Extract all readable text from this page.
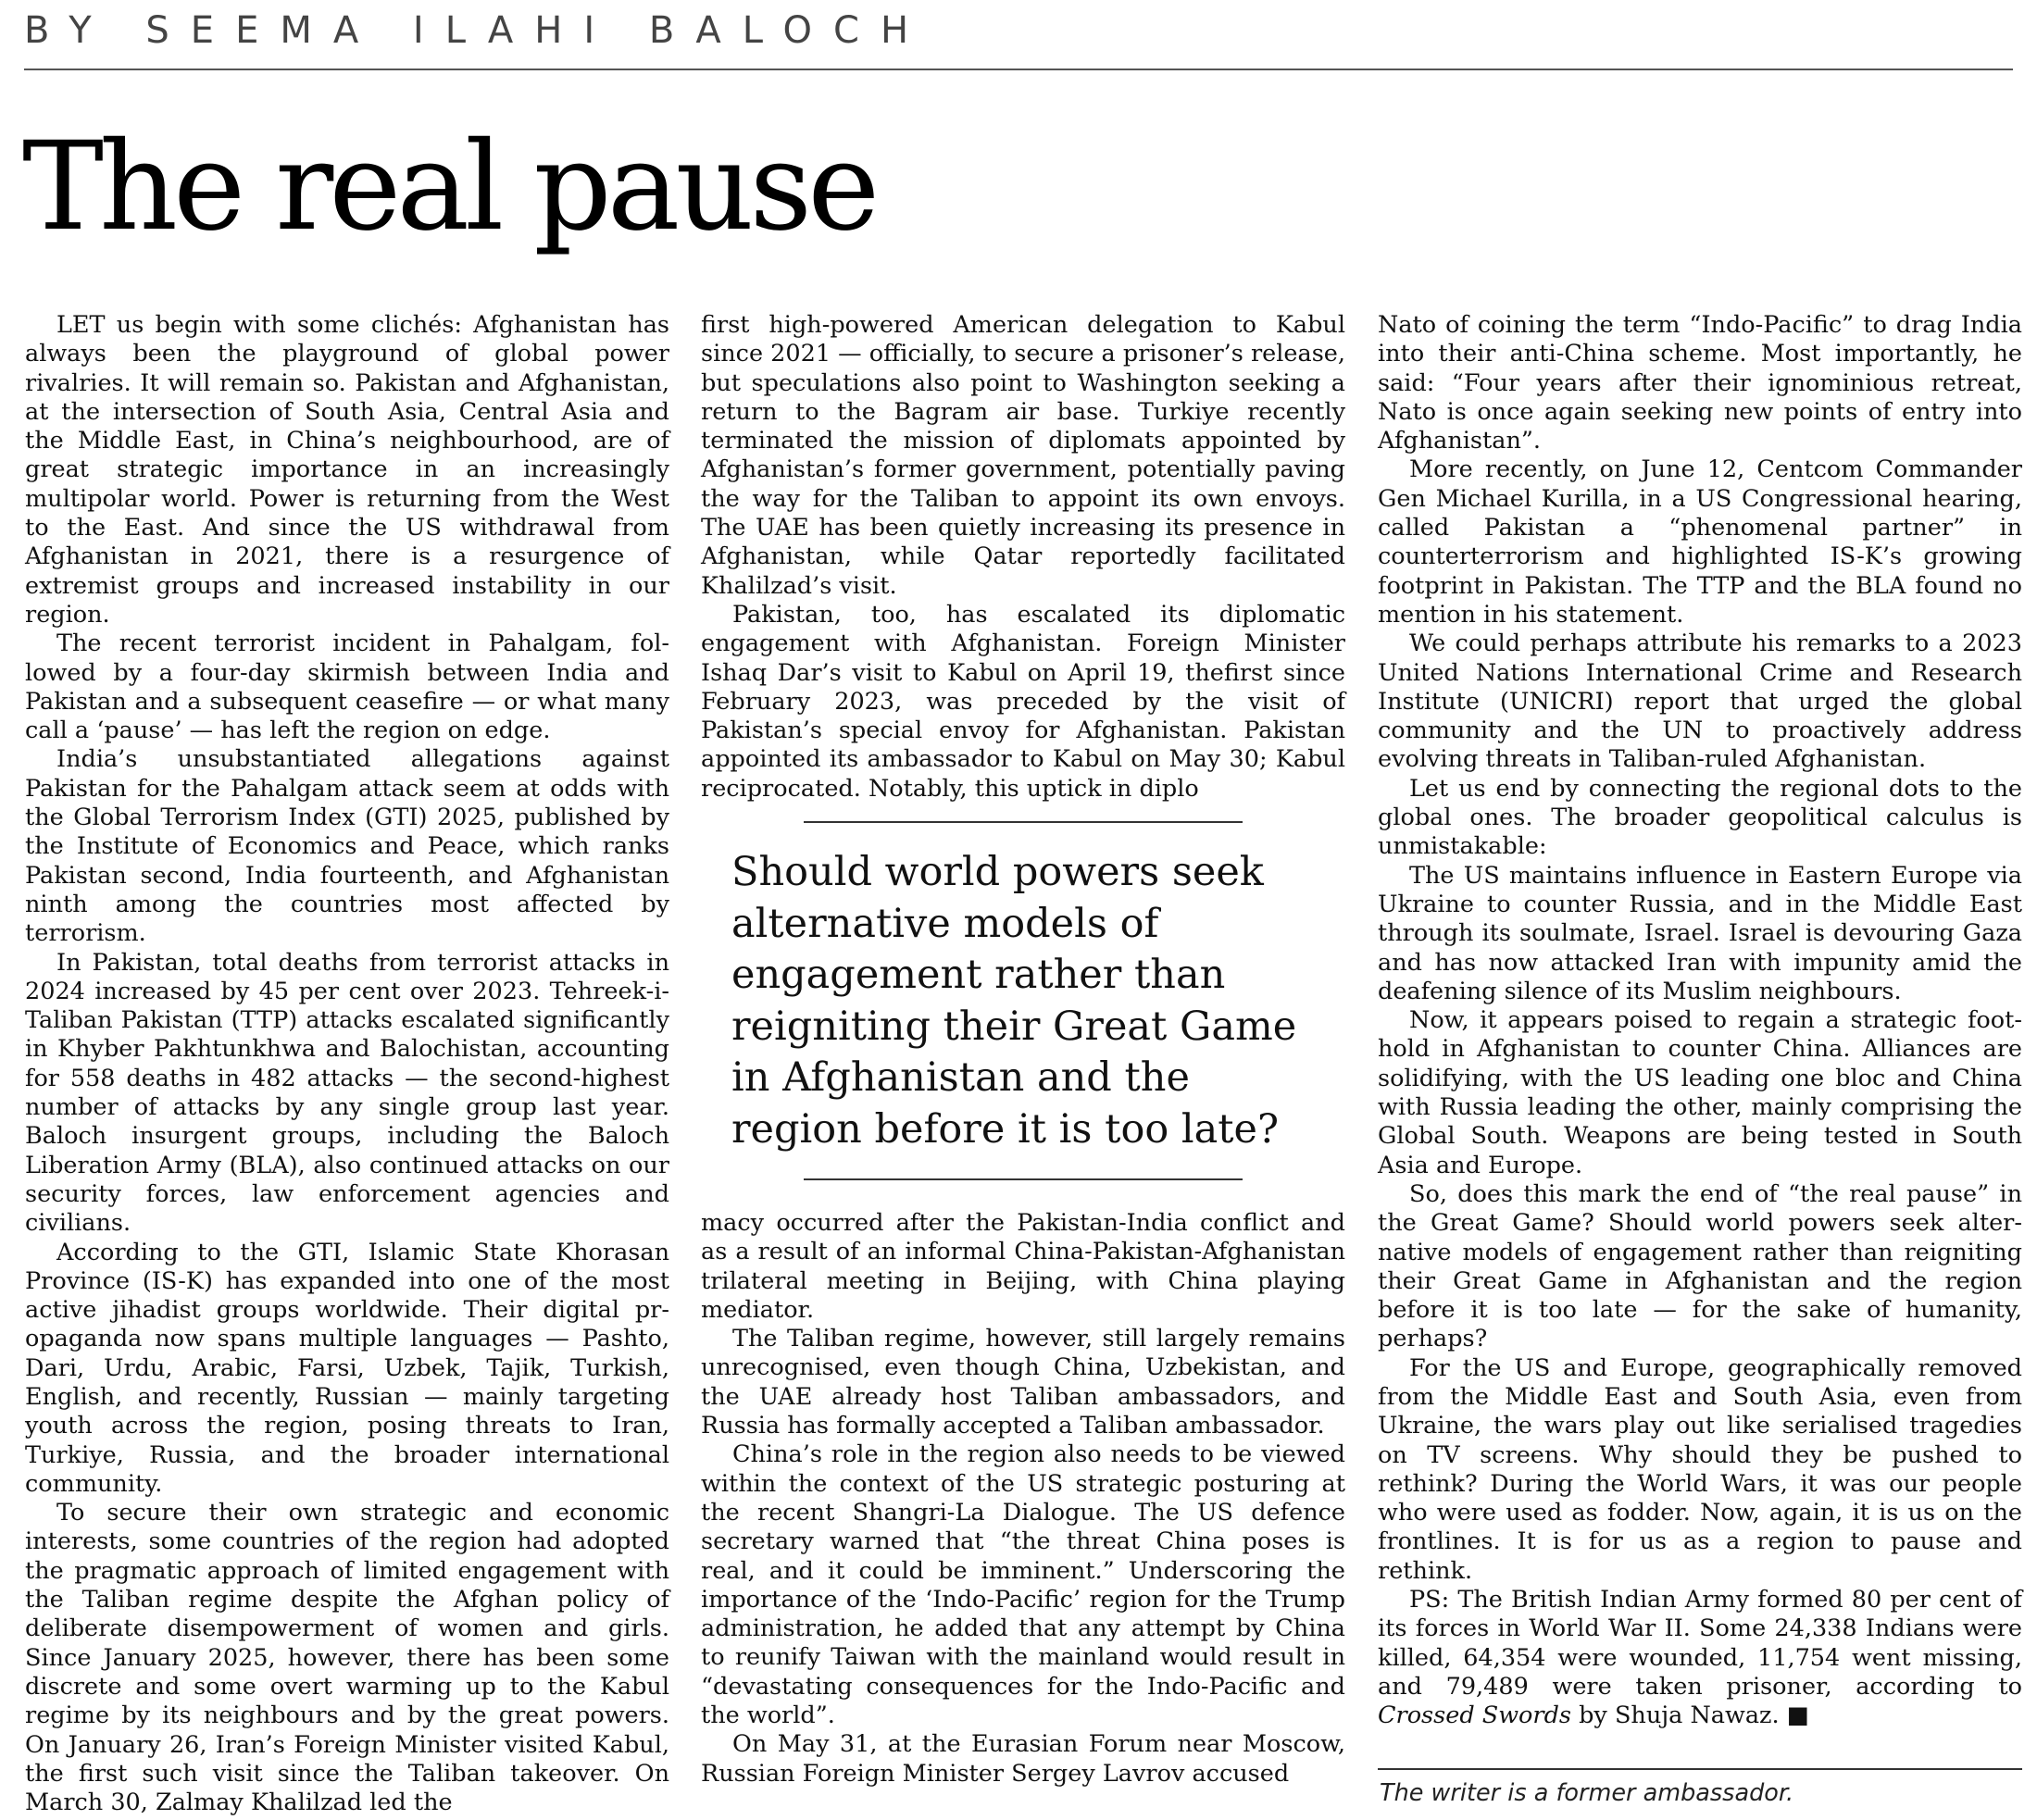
BY SEEMA ILAHI BALOCH
The real pause

LET us begin with some clichés: Afghanistan has always been the playground of global power rivalries. It will remain so. Pakistan and Afghanistan, at the intersection of South Asia, Central Asia and the Middle East, in China’s neighbourhood, are of great strategic importance in an increasingly multipolar world. Power is returning from the West to the East. And since the US withdrawal from Afghanistan in 2021, there is a resurgence of extremist groups and increased instability in our region.

The recent terrorist incident in Pahalgam, followed by a four-day skirmish between India and Pakistan and a subsequent ceasefire — or what many call a ‘pause’ — has left the region on edge.

India’s unsubstantiated allegations against Pakistan for the Pahalgam attack seem at odds with the Global Terrorism Index (GTI) 2025, published by the Institute of Economics and Peace, which ranks Pakistan second, India fourteenth, and Afghanistan ninth among the countries most affected by terrorism.

In Pakistan, total deaths from terrorist attacks in 2024 increased by 45 per cent over 2023. Tehreek-i-Taliban Pakistan (TTP) attacks escalated significantly in Khyber Pakhtunkhwa and Balochistan, accounting for 558 deaths in 482 attacks — the second-highest number of attacks by any single group last year. Baloch insurgent groups, including the Baloch Liberation Army (BLA), also continued attacks on our security forces, law enforcement agencies and civilians.

According to the GTI, Islamic State Khorasan Province (IS-K) has expanded into one of the most active jihadist groups worldwide. Their digital propaganda now spans multiple languages — Pashto, Dari, Urdu, Arabic, Farsi, Uzbek, Tajik, Turkish, English, and recently, Russian — mainly targeting youth across the region, posing threats to Iran, Turkiye, Russia, and the broader international community.

To secure their own strategic and economic interests, some countries of the region had adopted the pragmatic approach of limited engagement with the Taliban regime despite the Afghan policy of deliberate disempowerment of women and girls. Since January 2025, however, there has been some discrete and some overt warming up to the Kabul regime by its neighbours and by the great powers. On January 26, Iran’s Foreign Minister visited Kabul, the first such visit since the Taliban takeover. On March 30, Zalmay Khalilzad led the

first high-powered American delegation to Kabul since 2021 — officially, to secure a prisoner’s release, but speculations also point to Washington seeking a return to the Bagram air base. Turkiye recently terminated the mission of diplomats appointed by Afghanistan’s former government, potentially paving the way for the Taliban to appoint its own envoys. The UAE has been quietly increasing its presence in Afghanistan, while Qatar reportedly facilitated Khalilzad’s visit.

Pakistan, too, has escalated its diplomatic engagement with Afghanistan. Foreign Minister Ishaq Dar’s visit to Kabul on April 19, thefirst since February 2023, was preceded by the visit of Pakistan’s special envoy for Afghanistan. Pakistan appointed its ambassador to Kabul on May 30; Kabul reciprocated. Notably, this uptick in diplo

Should world powers seek alternative models of engagement rather than reigniting their Great Game in Afghanistan and the region before it is too late?

macy occurred after the Pakistan-India conflict and as a result of an informal China-Pakistan-Afghanistan trilateral meeting in Beijing, with China playing mediator.

The Taliban regime, however, still largely remains unrecognised, even though China, Uzbekistan, and the UAE already host Taliban ambassadors, and Russia has formally accepted a Taliban ambassador.

China’s role in the region also needs to be viewed within the context of the US strategic posturing at the recent Shangri-La Dialogue. The US defence secretary warned that “the threat China poses is real, and it could be imminent.” Underscoring the importance of the ‘Indo-Pacific’ region for the Trump administration, he added that any attempt by China to reunify Taiwan with the mainland would result in “devastating consequences for the Indo-Pacific and the world”.

On May 31, at the Eurasian Forum near Moscow, Russian Foreign Minister Sergey Lavrov accused

Nato of coining the term “Indo-Pacific” to drag India into their anti-China scheme. Most importantly, he said: “Four years after their ignominious retreat, Nato is once again seeking new points of entry into Afghanistan”.

More recently, on June 12, Centcom Commander Gen Michael Kurilla, in a US Congressional hearing, called Pakistan a “phenomenal partner” in counterterrorism and highlighted IS-K’s growing footprint in Pakistan. The TTP and the BLA found no mention in his statement.

We could perhaps attribute his remarks to a 2023 United Nations International Crime and Research Institute (UNICRI) report that urged the global community and the UN to proactively address evolving threats in Taliban-ruled Afghanistan.

Let us end by connecting the regional dots to the global ones. The broader geopolitical calculus is unmistakable:

The US maintains influence in Eastern Europe via Ukraine to counter Russia, and in the Middle East through its soulmate, Israel. Israel is devouring Gaza and has now attacked Iran with impunity amid the deafening silence of its Muslim neighbours.

Now, it appears poised to regain a strategic foothold in Afghanistan to counter China. Alliances are solidifying, with the US leading one bloc and China with Russia leading the other, mainly comprising the Global South. Weapons are being tested in South Asia and Europe.

So, does this mark the end of “the real pause” in the Great Game? Should world powers seek alternative models of engagement rather than reigniting their Great Game in Afghanistan and the region before it is too late — for the sake of humanity, perhaps?

For the US and Europe, geographically removed from the Middle East and South Asia, even from Ukraine, the wars play out like serialised tragedies on TV screens. Why should they be pushed to rethink? During the World Wars, it was our people who were used as fodder. Now, again, it is us on the frontlines. It is for us as a region to pause and rethink.

PS: The British Indian Army formed 80 per cent of its forces in World War II. Some 24,338 Indians were killed, 64,354 were wounded, 11,754 went missing, and 79,489 were taken prisoner, according to Crossed Swords by Shuja Nawaz. ■

The writer is a former ambassador.
